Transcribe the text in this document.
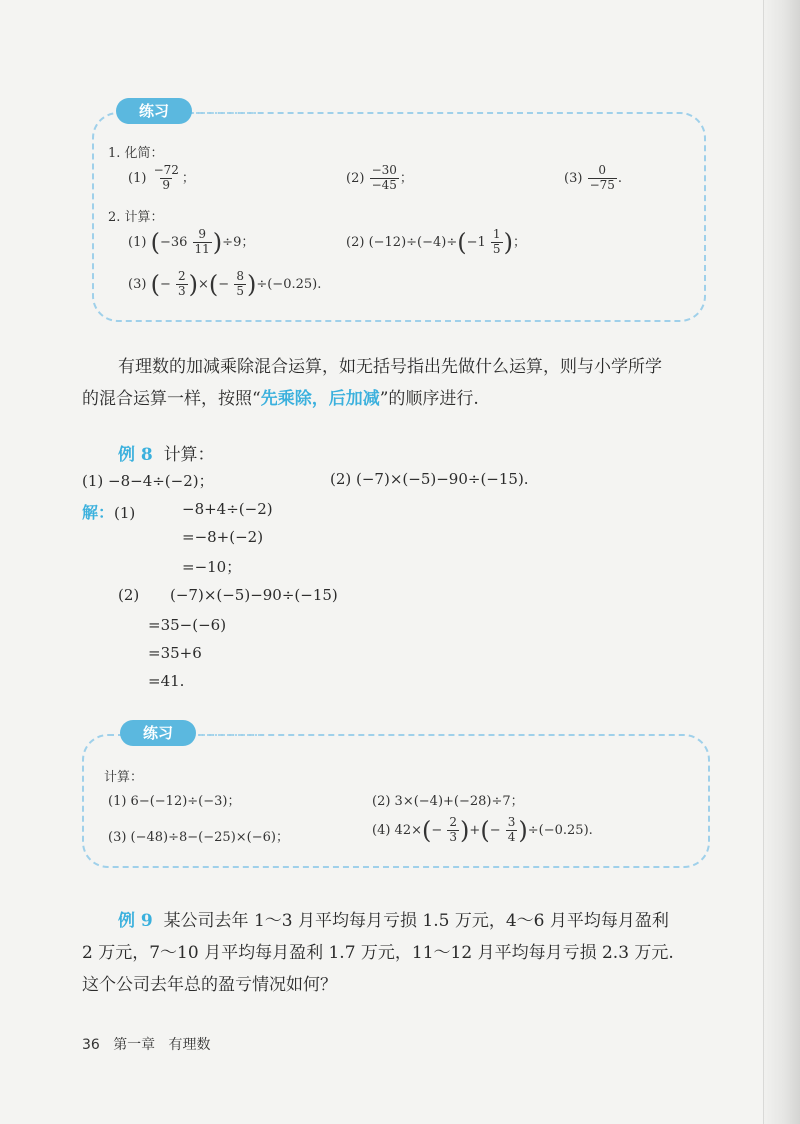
练习
1. 化简：
$(1) \frac{-72}{9}$ ；	$(2) \frac{-30}{-45}$ ；	$(3) \frac{0}{-75}$ .
2. 计算：
(1) $(-36 \frac{9}{11} )\div 9$；	(2) $(-12)\div(-4)\div(-1 \frac{1}{5}$ )；
(3) (− $\frac{2}{3}$ )×(− $\frac{8}{5} )\div(-0.25)$.
有理数的加减乘除混合运算，如无括号指出先做什么运算，则与小学所学
的混合运算一样，按照“先乘除，后加减”的顺序进行.
例 8 计算：
(1) −8−4÷(−2)；	(2) (−7)×(−5)−90÷(−15).
解：(1)	−8+4÷(−2)
=−8+(−2)
=−10；
(2) (−7)×(−5)−90÷(−15)
=35−(−6)
=35+6
=41.
练习
计算：
(1) 6−(−12)÷(−3)；	(2) 3×(−4)+(−28)÷7；
(3) (−48)÷8−(−25)×(−6)；	(4) $42\times(- \frac{2}{3}$ )+(− $\frac{3}{4} )\div(-0.25)$.
例 9 某公司去年 1～3 月平均每月亏损 1.5 万元，4～6 月平均每月盈利
2 万元，7～10 月平均每月盈利 1.7 万元，11～12 月平均每月亏损 2.3 万元.
这个公司去年总的盈亏情况如何？
36 第一章 有理数
